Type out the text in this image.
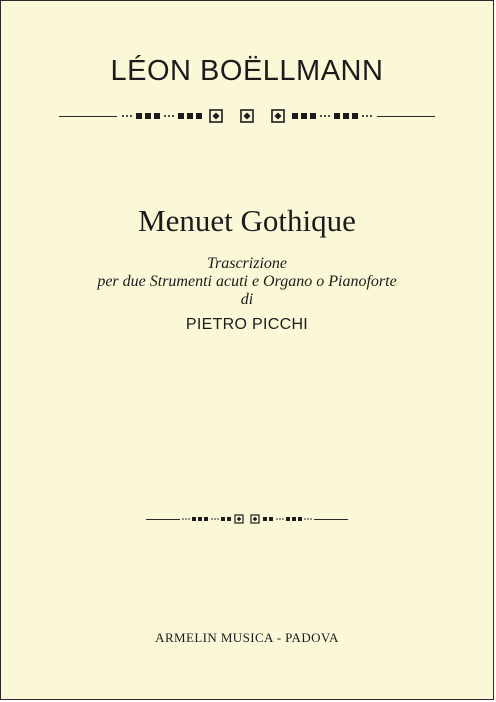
LÉON BOËLLMANN
Menuet Gothique
Trascrizione
per due Strumenti acuti e Organo o Pianoforte
di
PIETRO PICCHI
ARMELIN MUSICA - PADOVA
